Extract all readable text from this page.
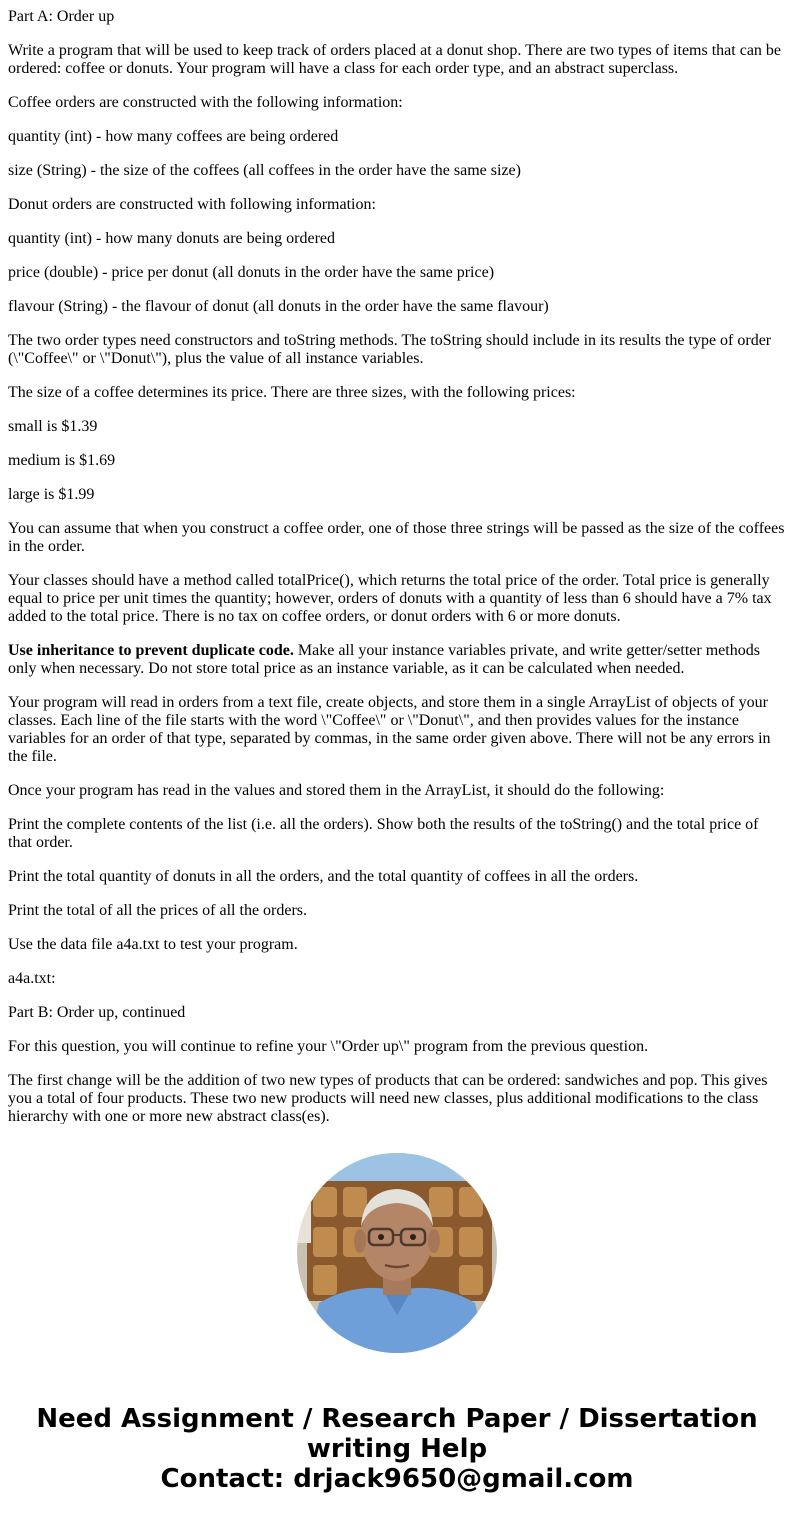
Part A: Order up

Write a program that will be used to keep track of orders placed at a donut shop. There are two types of items that can be ordered: coffee or donuts. Your program will have a class for each order type, and an abstract superclass.

Coffee orders are constructed with the following information:

quantity (int) - how many coffees are being ordered

size (String) - the size of the coffees (all coffees in the order have the same size)

Donut orders are constructed with following information:

quantity (int) - how many donuts are being ordered

price (double) - price per donut (all donuts in the order have the same price)

flavour (String) - the flavour of donut (all donuts in the order have the same flavour)

The two order types need constructors and toString methods. The toString should include in its results the type of order (\"Coffee\" or \"Donut\"), plus the value of all instance variables.

The size of a coffee determines its price. There are three sizes, with the following prices:

small is $1.39

medium is $1.69

large is $1.99

You can assume that when you construct a coffee order, one of those three strings will be passed as the size of the coffees in the order.

Your classes should have a method called totalPrice(), which returns the total price of the order. Total price is generally equal to price per unit times the quantity; however, orders of donuts with a quantity of less than 6 should have a 7% tax added to the total price. There is no tax on coffee orders, or donut orders with 6 or more donuts.

Use inheritance to prevent duplicate code. Make all your instance variables private, and write getter/setter methods only when necessary. Do not store total price as an instance variable, as it can be calculated when needed.

Your program will read in orders from a text file, create objects, and store them in a single ArrayList of objects of your classes. Each line of the file starts with the word \"Coffee\" or \"Donut\", and then provides values for the instance variables for an order of that type, separated by commas, in the same order given above. There will not be any errors in the file.

Once your program has read in the values and stored them in the ArrayList, it should do the following:

Print the complete contents of the list (i.e. all the orders). Show both the results of the toString() and the total price of that order.

Print the total quantity of donuts in all the orders, and the total quantity of coffees in all the orders.

Print the total of all the prices of all the orders.

Use the data file a4a.txt to test your program.

a4a.txt:

Part B: Order up, continued

For this question, you will continue to refine your \"Order up\" program from the previous question.

The first change will be the addition of two new types of products that can be ordered: sandwiches and pop. This gives you a total of four products. These two new products will need new classes, plus additional modifications to the class hierarchy with one or more new abstract class(es).

Need Assignment / Research Paper / Dissertation
writing Help
Contact: drjack9650@gmail.com
